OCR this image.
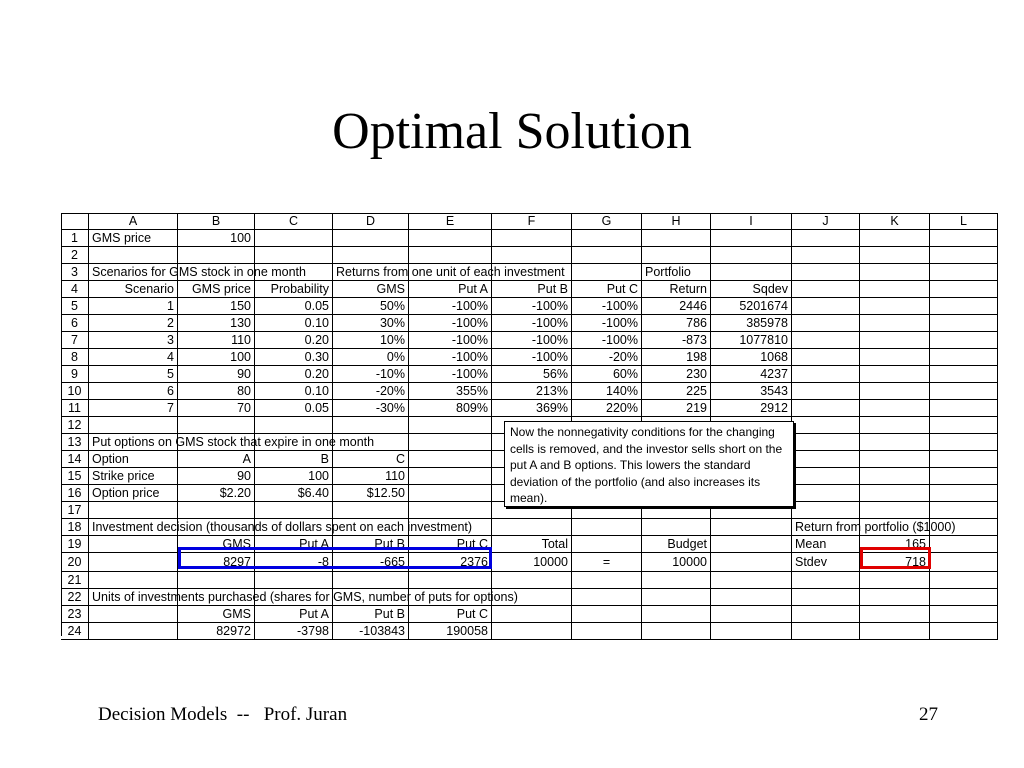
Optimal Solution
190058
-103843
-3798
82972
24
Put C
Put B
Put A
GMS
23
Units of investments purchased (shares for GMS, number of puts for options)
22
21
718
Stdev
10000
=
10000
2376
-665
-8
8297
20
165
Mean
Budget
Total
Put C
Put B
Put A
GMS
19
Return from portfolio ($1000)
Investment decision (thousands of dollars spent on each investment)
18
17
$12.50
$6.40
$2.20
Option price
16
110
100
90
Strike price
15
C
B
A
Option
14
Put options on GMS stock that expire in one month
13
12
2912
219
220%
369%
809%
-30%
0.05
70
7
11
3543
225
140%
213%
355%
-20%
0.10
80
6
10
4237
230
60%
56%
-100%
-10%
0.20
90
5
9
1068
198
-20%
-100%
-100%
0%
0.30
100
4
8
1077810
-873
-100%
-100%
-100%
10%
0.20
110
3
7
385978
786
-100%
-100%
-100%
30%
0.10
130
2
6
5201674
2446
-100%
-100%
-100%
50%
0.05
150
1
5
Sqdev
Return
Put C
Put B
Put A
GMS
Probability
GMS price
Scenario
4
Portfolio
Returns from one unit of each investment
Scenarios for GMS stock in one month
3
2
100
GMS price
1
L
K
J
I
H
G
F
E
D
C
B
A
Now the nonnegativity conditions for the changing cells is removed, and the investor sells short on the put A and B options. This lowers the standard deviation of the portfolio (and also increases its mean).
Decision Models  --   Prof. Juran	27
